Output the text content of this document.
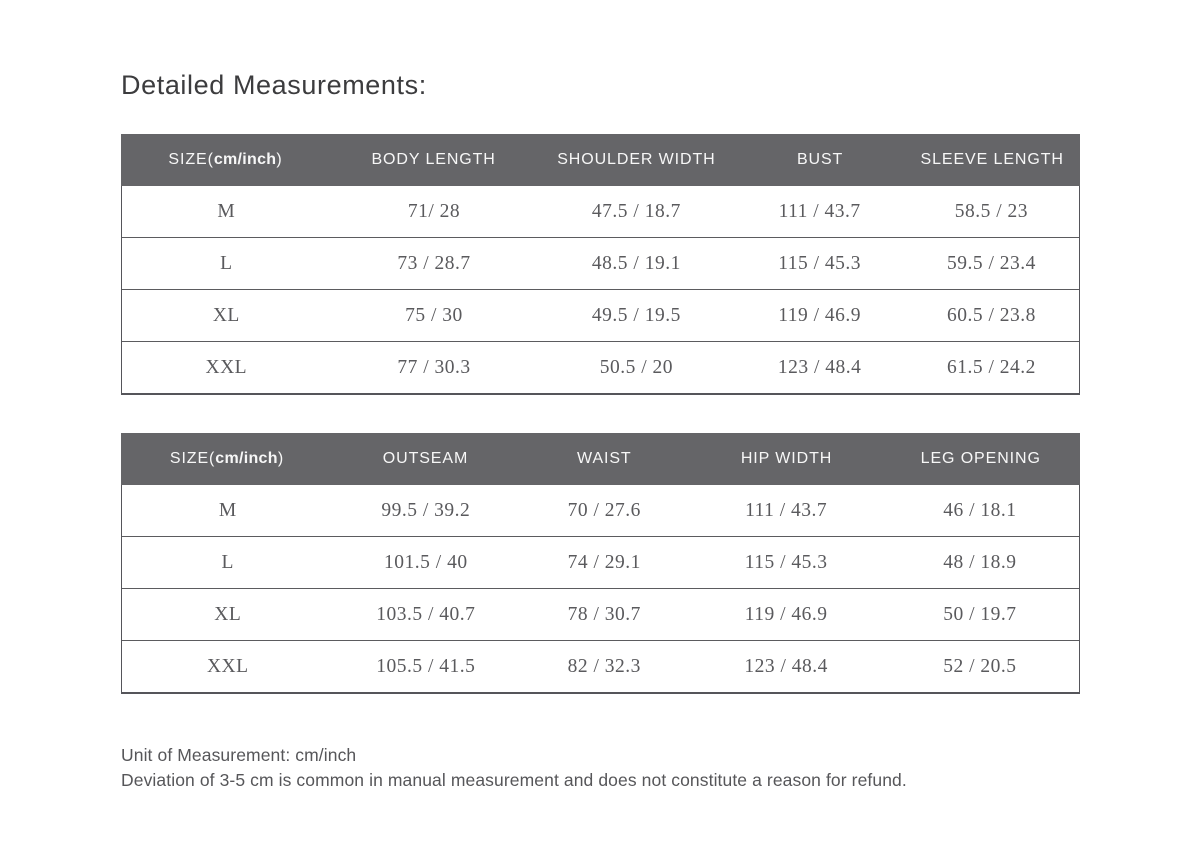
Detailed Measurements:
SIZE(cm/inch)	BODY LENGTH	SHOULDER WIDTH	BUST	SLEEVE LENGTH
M	71/ 28	47.5 / 18.7	111 / 43.7	58.5 / 23
L	73 / 28.7	48.5 / 19.1	115 / 45.3	59.5 / 23.4
XL	75 / 30	49.5 / 19.5	119 / 46.9	60.5 / 23.8
XXL	77 / 30.3	50.5 / 20	123 / 48.4	61.5 / 24.2
SIZE(cm/inch)	OUTSEAM	WAIST	HIP WIDTH	LEG OPENING
M	99.5 / 39.2	70 / 27.6	111 / 43.7	46 / 18.1
L	101.5 / 40	74 / 29.1	115 / 45.3	48 / 18.9
XL	103.5 / 40.7	78 / 30.7	119 / 46.9	50 / 19.7
XXL	105.5 / 41.5	82 / 32.3	123 / 48.4	52 / 20.5
Unit of Measurement: cm/inch
Deviation of 3-5 cm is common in manual measurement and does not constitute a reason for refund.
